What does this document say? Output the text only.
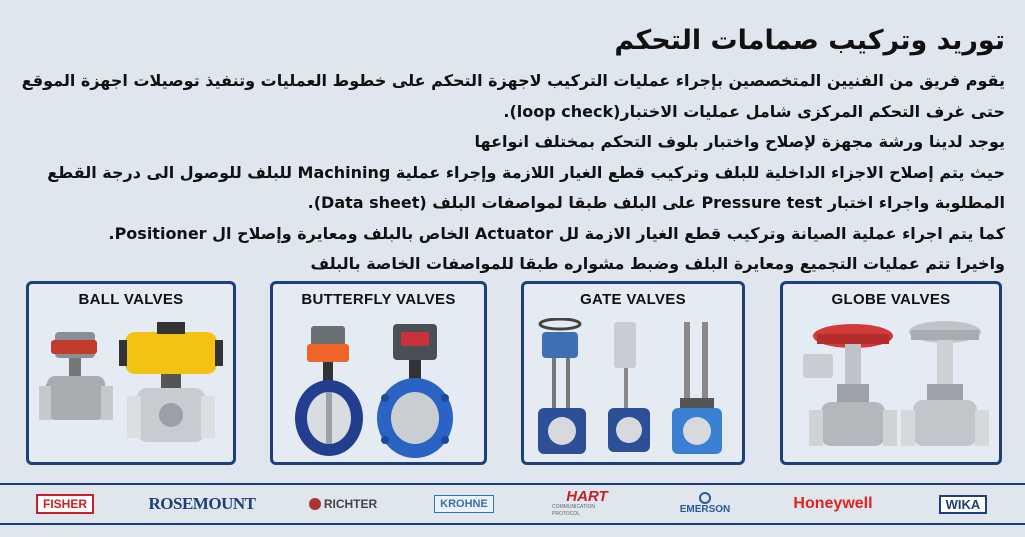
توريد وتركيب صمامات التحكم

يقوم فريق من الفنيين المتخصصين بإجراء عمليات التركيب لاجهزة التحكم على خطوط العمليات وتنفيذ توصيلات اجهزة الموقع حتى غرف التحكم المركزى شامل عمليات الاختبار(loop check).

يوجد لدينا ورشة مجهزة لإصلاح واختبار بلوف التحكم بمختلف انواعها

حيث يتم إصلاح الاجزاء الداخلية للبلف وتركيب قطع الغيار اللازمة وإجراء عملية Machining للبلف للوصول الى درجة القطع المطلوبة واجراء اختبار Pressure test على البلف طبقا لمواصفات البلف (Data sheet).

كما يتم اجراء عملية الصيانة وتركيب قطع الغيار الازمة لل Actuator الخاص بالبلف ومعايرة وإصلاح ال Positioner.

واخيرا تتم عمليات التجميع ومعايرة البلف وضبط مشواره طبقا للمواصفات الخاصة بالبلف

BALL VALVES	BUTTERFLY VALVES	GATE VALVES	GLOBE VALVES
FISHER	ROSEMOUNT	RICHTER	KROHNE	HART
COMMUNICATION PROTOCOL	EMERSON	Honeywell	WIKA
